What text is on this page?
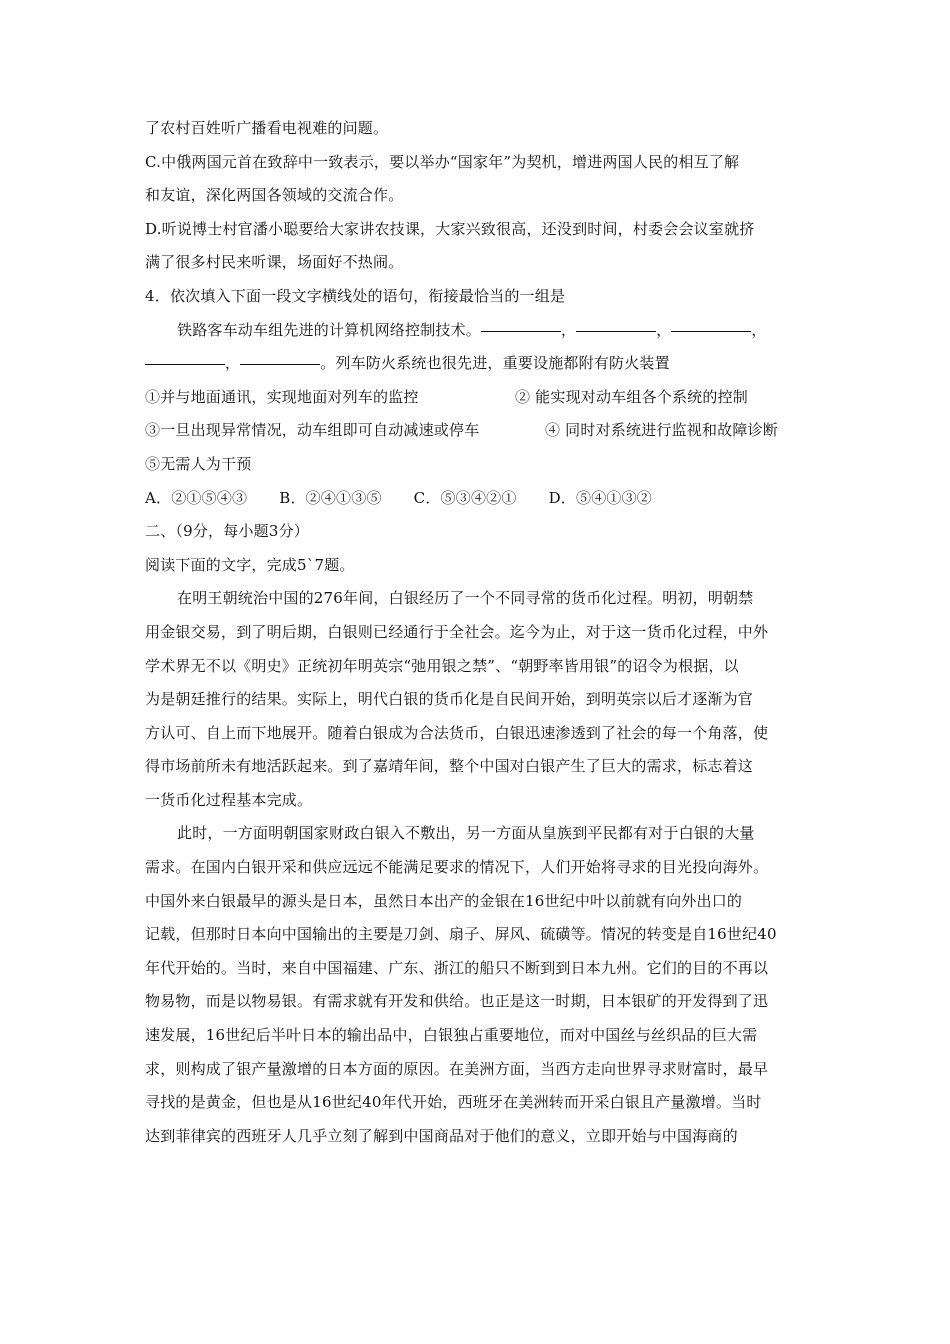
了农村百姓听广播看电视难的问题。
C.中俄两国元首在致辞中一致表示，要以举办“国家年”为契机，增进两国人民的相互了解
和友谊，深化两国各领域的交流合作。
D.听说博士村官潘小聪要给大家讲农技课，大家兴致很高，还没到时间，村委会会议室就挤
满了很多村民来听课，场面好不热闹。
4．依次填入下面一段文字横线处的语句，衔接最恰当的一组是
铁路客车动车组先进的计算机网络控制技术。	，	，	，
，	。列车防火系统也很先进，重要设施都附有防火装置
①并与地面通讯，实现地面对列车的监控	② 能实现对动车组各个系统的控制
③一旦出现异常情况，动车组即可自动减速或停车	④ 同时对系统进行监视和故障诊断
⑤无需人为干预
A．②①⑤④③ B．②④①③⑤ C．⑤③④②① D．⑤④①③②
二、（9分，每小题3分）
阅读下面的文字，完成5`7题。
在明王朝统治中国的276年间，白银经历了一个不同寻常的货币化过程。明初，明朝禁
用金银交易，到了明后期，白银则已经通行于全社会。迄今为止，对于这一货币化过程，中外
学术界无不以《明史》正统初年明英宗“弛用银之禁”、“朝野率皆用银”的诏令为根据，以
为是朝廷推行的结果。实际上，明代白银的货币化是自民间开始，到明英宗以后才逐渐为官
方认可、自上而下地展开。随着白银成为合法货币，白银迅速渗透到了社会的每一个角落，使
得市场前所未有地活跃起来。到了嘉靖年间，整个中国对白银产生了巨大的需求，标志着这
一货币化过程基本完成。
此时，一方面明朝国家财政白银入不敷出，另一方面从皇族到平民都有对于白银的大量
需求。在国内白银开采和供应远远不能满足要求的情况下，人们开始将寻求的目光投向海外。
中国外来白银最早的源头是日本，虽然日本出产的金银在16世纪中叶以前就有向外出口的
记载，但那时日本向中国输出的主要是刀剑、扇子、屏风、硫磺等。情况的转变是自16世纪40
年代开始的。当时，来自中国福建、广东、浙江的船只不断到到日本九州。它们的目的不再以
物易物，而是以物易银。有需求就有开发和供给。也正是这一时期，日本银矿的开发得到了迅
速发展，16世纪后半叶日本的输出品中，白银独占重要地位，而对中国丝与丝织品的巨大需
求，则构成了银产量激增的日本方面的原因。在美洲方面，当西方走向世界寻求财富时，最早
寻找的是黄金，但也是从16世纪40年代开始，西班牙在美洲转而开采白银且产量激增。当时
达到菲律宾的西班牙人几乎立刻了解到中国商品对于他们的意义，立即开始与中国海商的
